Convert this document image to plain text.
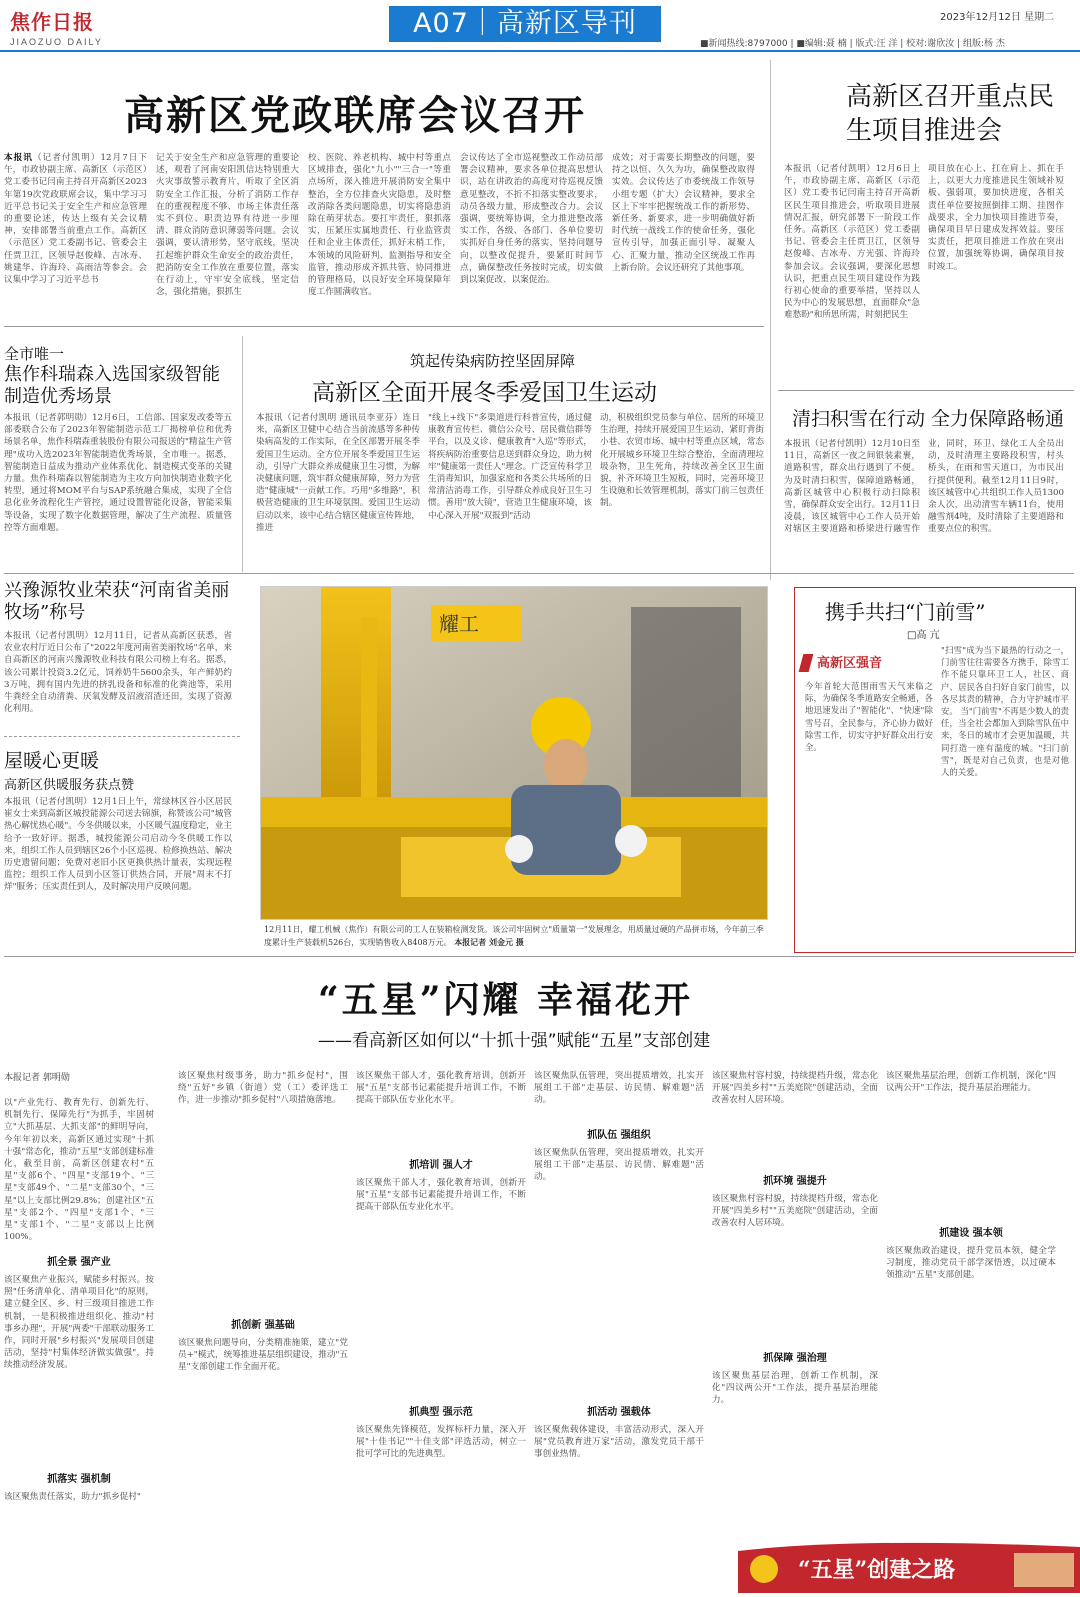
焦作日报
JIAOZUO DAILY
A07｜高新区导刊	2023年12月12日 星期二
■新闻热线:8797000 | ■编辑:聂 楠 | 版式:汪 洋 | 校对:谢欣汝 | 组版:杨 杰
高新区党政联席会议召开
本报讯（记者付凯明）12月7日下午，市政协副主席、高新区（示范区）党工委书记闫南主持召开高新区2023年第19次党政联席会议，集中学习习近平总书记关于安全生产和应急管理的重要论述，传达上级有关会议精神，安排部署当前重点工作。高新区（示范区）党工委副书记、管委会主任贾卫江，区领导赵俊峰、吉冰寿、姚建华、许海玲、高雨洁等参会。会议集中学习了习近平总书
记关于安全生产和应急管理的重要论述，观看了河南安阳凯信达特别重大火灾事故警示教育片，听取了全区消防安全工作汇报，分析了消防工作存在的重视程度不够、市场主体责任落实不到位、职责边界有待进一步厘清、群众消防意识薄弱等问题。会议强调，要认清形势，坚守底线，坚决扛起维护群众生命安全的政治责任，把消防安全工作放在重要位置，落实在行动上，守牢安全底线，坚定信念，强化措施，狠抓生
校、医院、养老机构、城中村等重点区域排查，强化"九小""三合一"等重点场所，深入推进开展消防安全集中整治，全方位排查火灾隐患，及时整改消除各类问题隐患，切实将隐患消除在萌芽状态。要扛牢责任，狠抓落实，压紧压实属地责任、行业监管责任和企业主体责任，抓好末梢工作，本领域的风险研判、监测指导和安全监管，推动形成齐抓共管、协同推进的管理格局，以良好安全环境保障年度工作圆满收官。
会议传达了全市巡视整改工作动员部署会议精神，要求各单位提高思想认识，站在讲政治的高度对待巡视反馈意见整改，不折不扣落实整改要求，动员各级力量，形成整改合力。会议强调，要统筹协调，全力推进整改落实工作，各级、各部门、各单位要切实抓好自身任务的落实，坚持问题导向，以整改促提升，要紧盯时间节点，确保整改任务按时完成，切实做到以案促改、以案促治。
成效；对于需要长期整改的问题，要持之以恒、久久为功，确保整改取得实效。会议传达了市委统战工作领导小组专题（扩大）会议精神，要求全区上下牢牢把握统战工作的新形势、新任务、新要求，进一步明确做好新时代统一战线工作的使命任务，强化宣传引导，加强正面引导、凝聚人心、汇聚力量，推动全区统战工作再上新台阶。会议还研究了其他事项。
高新区召开重点民生项目推进会
本报讯（记者付凯明）12月6日上午，市政协副主席、高新区（示范区）党工委书记闫南主持召开高新区民生项目推进会，听取项目进展情况汇报，研究部署下一阶段工作任务。高新区（示范区）党工委副书记、管委会主任贾卫江，区领导赵俊峰、吉冰寿、方光强、许海玲参加会议。会议强调，要深化思想认识，把重点民生项目建设作为践行初心使命的重要举措，坚持以人民为中心的发展思想，直面群众"急难愁盼"和所思所需，时刻把民生
项目放在心上、扛在肩上、抓在手上，以更大力度推进民生领域补短板、强弱项，要加快进度，各相关责任单位要按照倒排工期、挂图作战要求，全力加快项目推进节奏，确保项目早日建成发挥效益。要压实责任，把项目推进工作放在突出位置，加强统筹协调，确保项目按时竣工。
全市唯一
焦作科瑞森入选国家级智能制造优秀场景
本报讯（记者郭明勋）12月6日，工信部、国家发改委等五部委联合公布了2023年智能制造示范工厂揭榜单位和优秀场景名单，焦作科瑞森重装股份有限公司报送的"精益生产管理"成功入选2023年智能制造优秀场景，全市唯一。据悉，智能制造日益成为推动产业体系优化、制造模式变革的关键力量。焦作科瑞森以智能制造为主攻方向加快制造业数字化转型，通过将MOM平台与SAP系统融合集成，实现了全信息化业务流程化生产管控，通过设置智能化设备，智能采集等设备，实现了数字化数据管理，解决了生产流程、质量管控等方面难题。
筑起传染病防控坚固屏障
高新区全面开展冬季爱国卫生运动
本报讯（记者付凯明 通讯员李亚芬）连日来，高新区卫健中心结合当前流感等多种传染病高发的工作实际，在全区部署开展冬季爱国卫生运动。全方位开展冬季爱国卫生运动，引导广大群众养成健康卫生习惯，为解决健康问题，筑牢群众健康屏障，努力为营造"健康城"一贡献工作。巧用"多维路"，积极营造健康的卫生环境氛围。爱国卫生运动启动以来，该中心结合辖区健康宣传阵地，推进
"线上+线下"多渠道进行科普宣传，通过健康教育宣传栏、微信公众号、居民微信群等平台，以及义诊、健康教育"入巡"等形式，将疾病防治重要信息送到群众身边，助力树牢"健康第一责任人"理念。广泛宣传科学卫生消毒知识，加强家庭和各类公共场所的日常清洁消毒工作，引导群众养成良好卫生习惯。善用"放大镜"，营造卫生健康环境，该中心深入开展"双报到"活动
动，积极组织党员参与单位、居所的环境卫生治理，持续开展爱国卫生运动，紧盯背街小巷、农贸市场、城中村等重点区域，常态化开展城乡环境卫生综合整治，全面清理垃圾杂物，卫生死角，持续改善全区卫生面貌，补齐环境卫生短板，同时，完善环境卫生设施和长效管理机制，落实门前三包责任制。
清扫积雪在行动 全力保障路畅通
本报讯（记者付凯明）12月10日至11日，高新区一夜之间银装素裹，道路积雪，群众出行遇到了不便。为及时清扫积雪，保障道路畅通，高新区城管中心积极行动扫除积雪，确保群众安全出行。12月11日凌晨，该区城管中心工作人员开始对辖区主要道路和桥梁进行融雪作业，同时，环卫、绿化工人全员出动，及时清理主要路段积雪，村头桥头，在雨和雪天道口，为市民出行提供便利。截至12月11日9时，该区城管中心共组织工作人员1300余人次，出动清雪车辆11台，使用融雪剂4吨，及时清除了主要道路和重要点位的积雪。
兴豫源牧业荣获“河南省美丽牧场”称号
本报讯（记者付凯明）12月11日，记者从高新区获悉，省农业农村厅近日公布了"2022年度河南省美丽牧场"名单，来自高新区的河南兴豫源牧业科技有限公司榜上有名。据悉，该公司累计投资3.2亿元，饲养奶牛5600余头，年产鲜奶约3万吨，拥有国内先进的挤乳设备和标准的化粪池等，采用牛粪经全自动清粪、厌氧发酵及沼液沼渣还田，实现了资源化利用。
屋暖心更暖
高新区供暖服务获点赞
本报讯（记者付凯明）12月1日上午，常绿林区谷小区居民崔女士来到高新区城投能源公司送去锦旗，称赞该公司"城管热心解忧热心暖"。今冬供暖以来，小区暖气温度稳定，业主给予一致好评。据悉，城投能源公司启动今冬供暖工作以来，组织工作人员到辖区26个小区巡视、检修换热站、解决历史遗留问题；免费对老旧小区更换供热计量表，实现远程监控；组织工作人员到小区签订供热合同，开展"周末不打烊"服务；压实责任到人，及时解决用户反映问题。
耀工
12月11日，耀工机械（焦作）有限公司的工人在装箱检测发货。该公司牢固树立"质量第一"发展理念，用质量过硬的产品拼市场，今年前三季度累计生产装载机526台，实现销售收入8408万元。 本报记者 刘金元 摄
携手共扫“门前雪”
□高 亢
高新区强音
今年首轮大范围雨雪天气来临之际，为确保冬季道路安全畅通，各地迅速发出了"智能化"、"快速"除雪号召，全民参与，齐心协力做好除雪工作，切实守护好群众出行安全。
"扫雪"成为当下最热的行动之一，门前雪往往需要各方携手，除雪工作不能只靠环卫工人，社区、商户、居民各自扫好自家门前雪，以各尽其责的精神，合力守护城市平安。 当"门前雪"不再是少数人的责任，当全社会都加入到除雪队伍中来，冬日的城市才会更加温暖，共同打造一座有温度的城。"扫门前雪"，既是对自己负责，也是对他人的关爱。
“五星”闪耀 幸福花开
——看高新区如何以“十抓十强”赋能“五星”支部创建
本报记者 郭明勋
以"产业先行、教育先行、创新先行、机制先行、保障先行"为抓手，牢固树立"大抓基层、大抓支部"的鲜明导向，今年年初以来，高新区通过实现"十抓十强"常态化，推动"五星"支部创建标准化，截至目前，高新区创建农村"五星"支部6个、"四星"支部19个、"三星"支部49个、"二星"支部30个，"三星"以上支部比例29.8%；创建社区"五星"支部2个、"四星"支部1个、"三星"支部1个、"二星"支部以上比例100%。
抓全景 强产业
该区聚焦产业振兴，赋能乡村振兴。按照"任务清单化、清单项目化"的原则，建立健全区、乡、村三级项目推进工作机制，一是积极推进组织化、推动"村事乡办理"，开展"两委"干部联动服务工作，同时开展"乡村振兴"发展项目创建活动，坚持"村集体经济做实做强"，持续推动经济发展。
抓落实 强机制
该区聚焦责任落实，助力"抓乡促村"
该区聚焦村级事务，助力"抓乡促村"，围绕"五好"乡镇（街道）党（工）委评选工作，进一步推动"抓乡促村"八项措施落地。
抓创新 强基础
该区聚焦问题导向，分类精准施策，建立"党员+"模式，统筹推进基层组织建设，推动"五星"支部创建工作全面开花。
该区聚焦干部人才，强化教育培训，创新开展"五星"支部书记素能提升培训工作，不断提高干部队伍专业化水平。
抓培训 强人才
该区聚焦干部人才，强化教育培训，创新开展"五星"支部书记素能提升培训工作，不断提高干部队伍专业化水平。
抓典型 强示范
该区聚焦先锋模范，发挥标杆力量，深入开展"十佳书记""十佳支部"评选活动，树立一批可学可比的先进典型。
该区聚焦队伍管理，突出提质增效，扎实开展组工干部"走基层、访民情、解难题"活动。
抓队伍 强组织
该区聚焦队伍管理，突出提质增效，扎实开展组工干部"走基层、访民情、解难题"活动。
抓活动 强载体
该区聚焦载体建设，丰富活动形式，深入开展"党员教育进万家"活动，激发党员干部干事创业热情。
该区聚焦村容村貌，持续提档升级，常态化开展"四美乡村""五美庭院"创建活动，全面改善农村人居环境。
抓环境 强提升
该区聚焦村容村貌，持续提档升级，常态化开展"四美乡村""五美庭院"创建活动，全面改善农村人居环境。
抓保障 强治理
该区聚焦基层治理，创新工作机制，深化"四议两公开"工作法，提升基层治理能力。
该区聚焦基层治理，创新工作机制，深化"四议两公开"工作法，提升基层治理能力。
抓建设 强本领
该区聚焦政治建设，提升党员本领，健全学习制度，推动党员干部学深悟透，以过硬本领推动"五星"支部创建。
“五星”创建之路
